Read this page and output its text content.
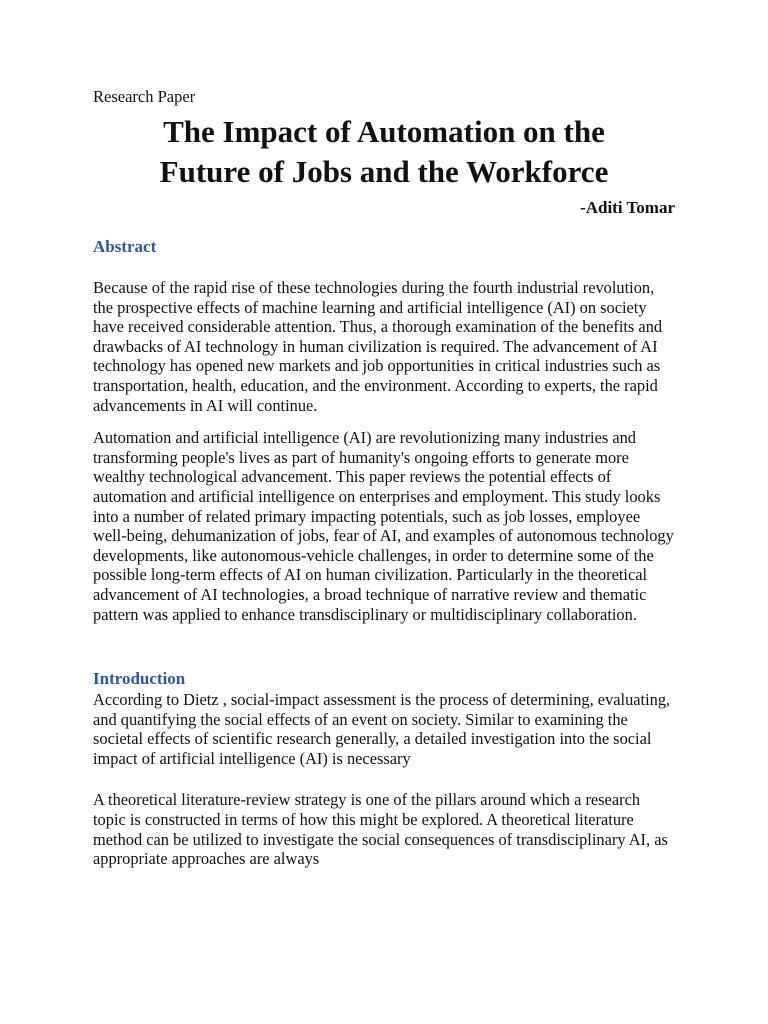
Research Paper
The Impact of Automation on the
Future of Jobs and the Workforce
-Aditi Tomar
Abstract

Because of the rapid rise of these technologies during the fourth industrial revolution, the prospective effects of machine learning and artificial intelligence (AI) on society have received considerable attention. Thus, a thorough examination of the benefits and drawbacks of AI technology in human civilization is required. The advancement of AI technology has opened new markets and job opportunities in critical industries such as transportation, health, education, and the environment. According to experts, the rapid advancements in AI will continue.

Automation and artificial intelligence (AI) are revolutionizing many industries and transforming people's lives as part of humanity's ongoing efforts to generate more wealthy technological advancement. This paper reviews the potential effects of automation and artificial intelligence on enterprises and employment. This study looks into a number of related primary impacting potentials, such as job losses, employee well-being, dehumanization of jobs, fear of AI, and examples of autonomous technology developments, like autonomous-vehicle challenges, in order to determine some of the possible long-term effects of AI on human civilization. Particularly in the theoretical advancement of AI technologies, a broad technique of narrative review and thematic pattern was applied to enhance transdisciplinary or multidisciplinary collaboration.

Introduction

According to Dietz , social-impact assessment is the process of determining, evaluating, and quantifying the social effects of an event on society. Similar to examining the societal effects of scientific research generally, a detailed investigation into the social impact of artificial intelligence (AI) is necessary

A theoretical literature-review strategy is one of the pillars around which a research topic is constructed in terms of how this might be explored. A theoretical literature method can be utilized to investigate the social consequences of transdisciplinary AI, as appropriate approaches are always
